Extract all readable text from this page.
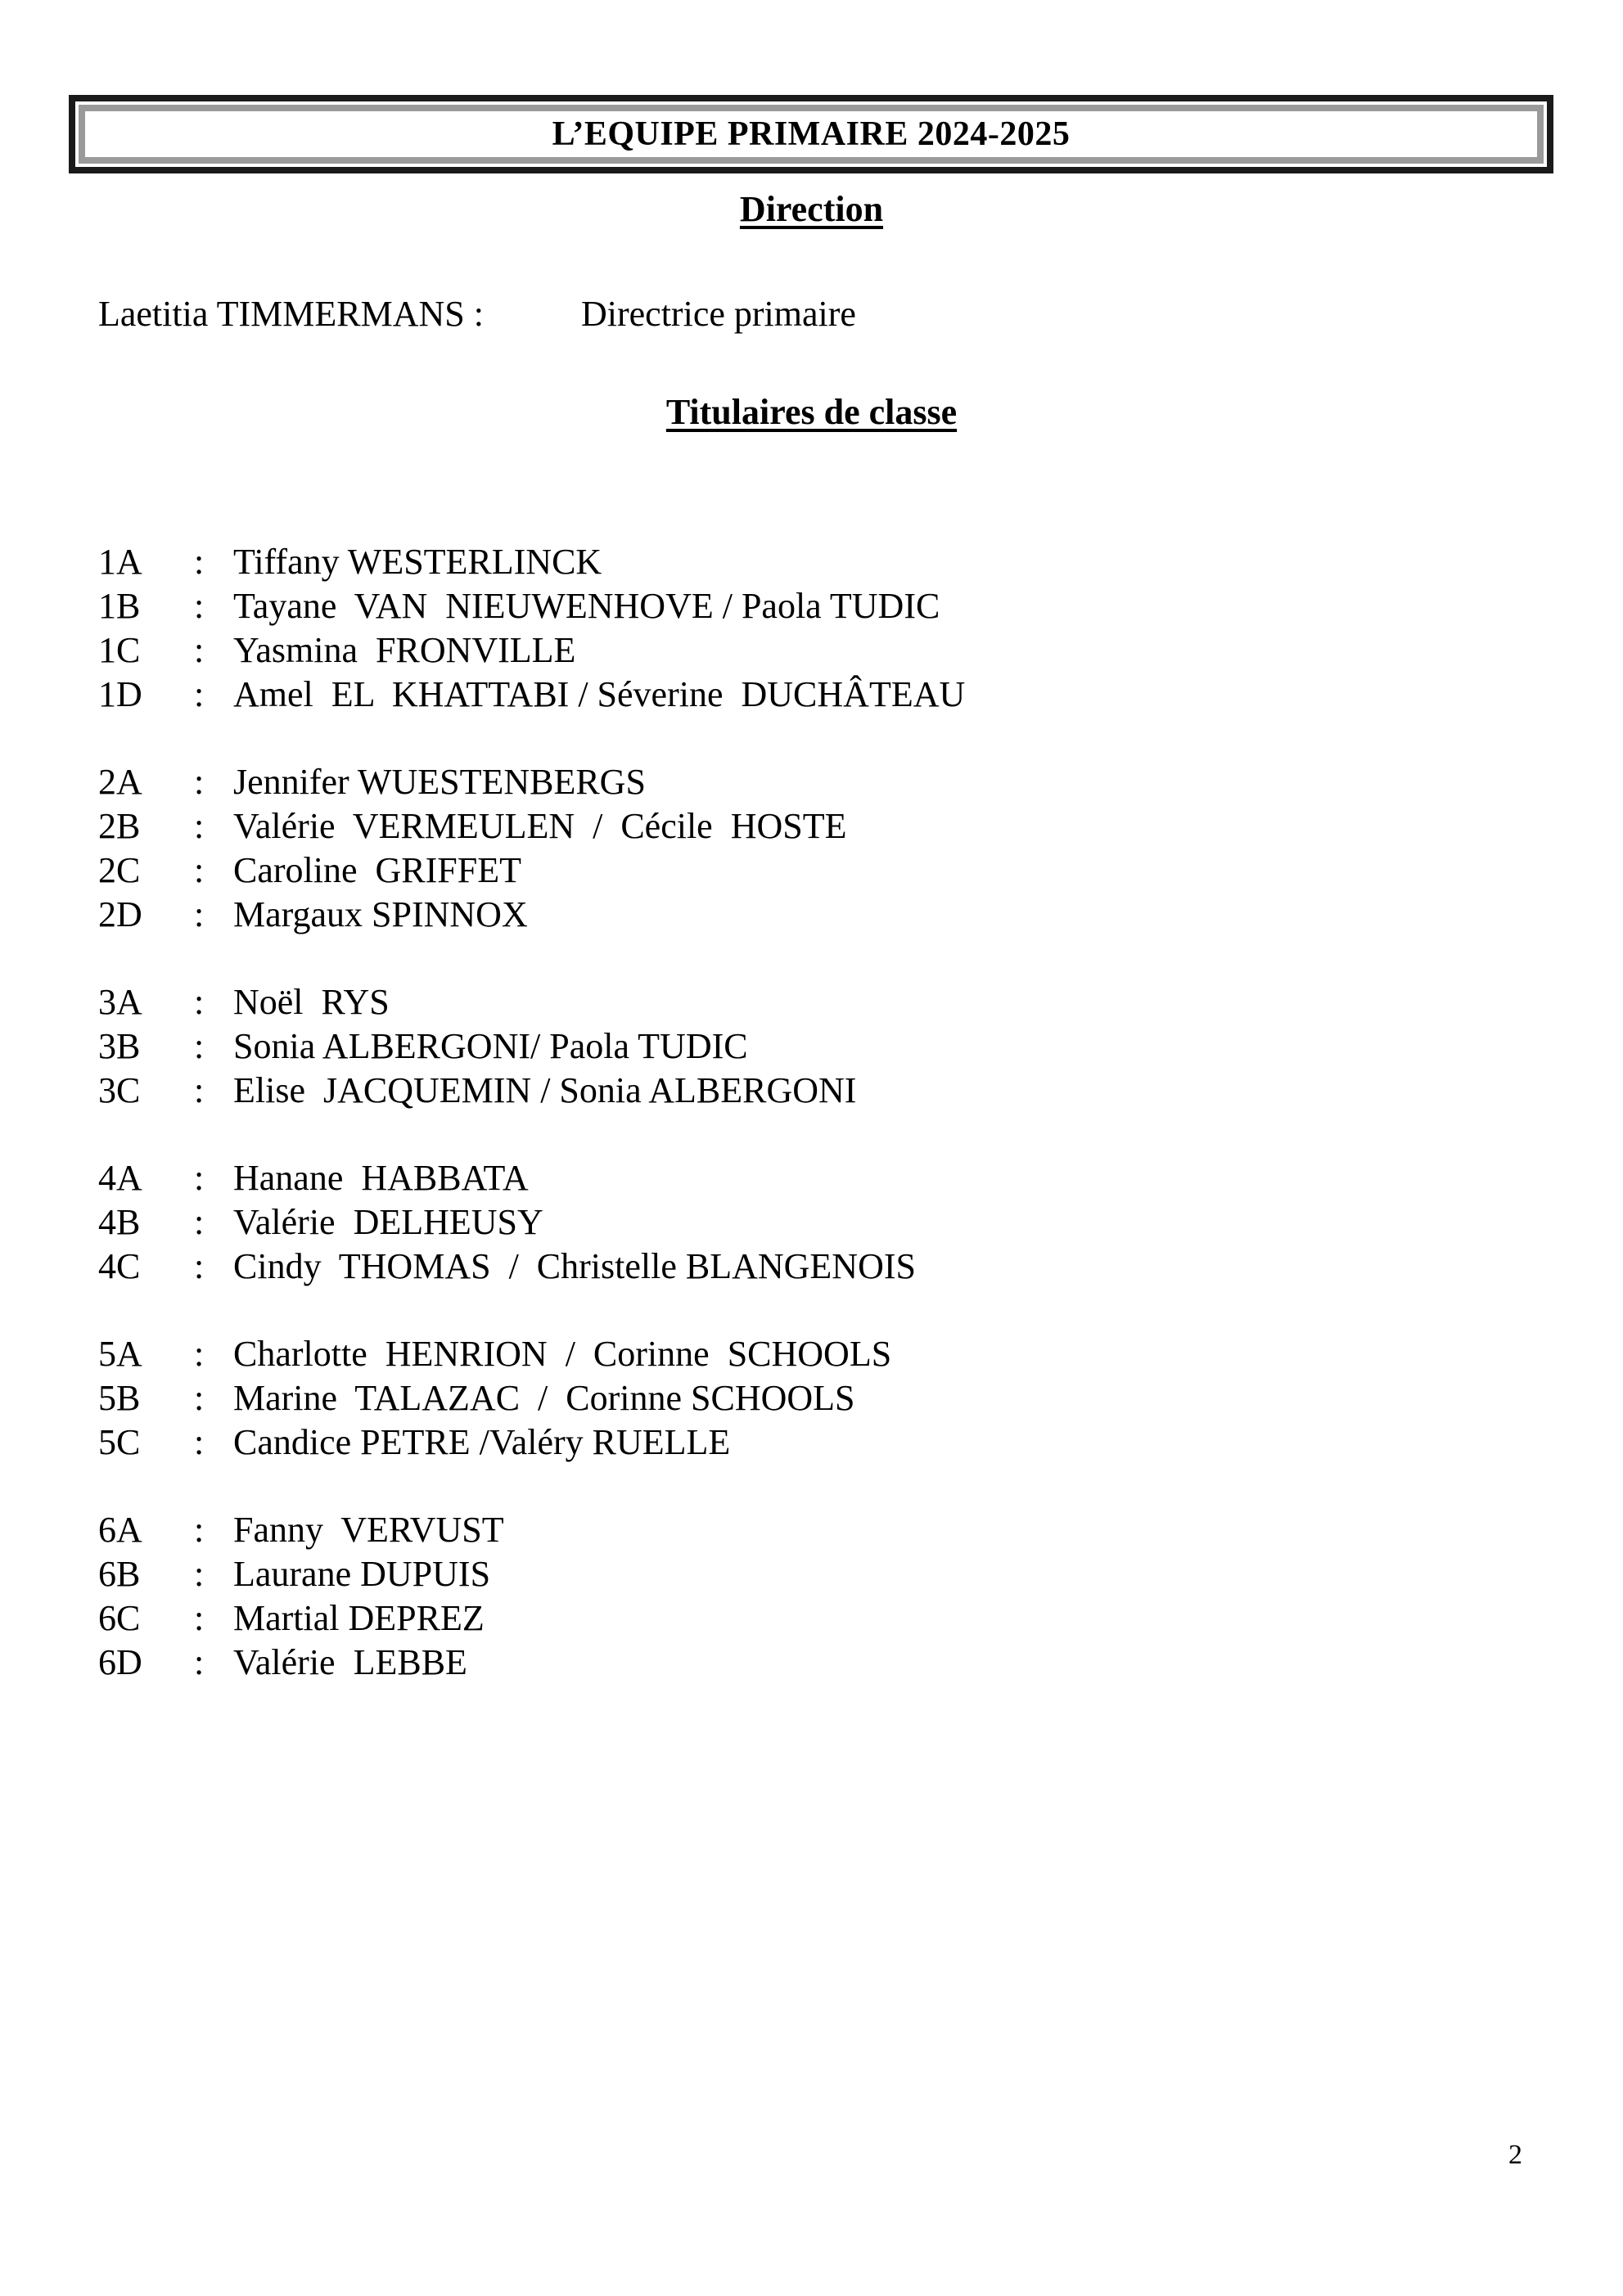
L’EQUIPE PRIMAIRE 2024-2025
Direction
Laetitia TIMMERMANS :	Directrice primaire
Titulaires de classe
1A : Tiffany WESTERLINCK
1B : Tayane  VAN  NIEUWENHOVE / Paola TUDIC
1C : Yasmina  FRONVILLE
1D : Amel  EL  KHATTABI / Séverine  DUCHÂTEAU
2A : Jennifer WUESTENBERGS
2B : Valérie  VERMEULEN  /  Cécile  HOSTE
2C : Caroline  GRIFFET
2D : Margaux SPINNOX
3A : Noël  RYS
3B : Sonia ALBERGONI/ Paola TUDIC
3C : Elise  JACQUEMIN / Sonia ALBERGONI
4A : Hanane  HABBATA
4B : Valérie  DELHEUSY
4C : Cindy  THOMAS  /  Christelle BLANGENOIS
5A : Charlotte  HENRION  /  Corinne  SCHOOLS
5B : Marine  TALAZAC  /  Corinne SCHOOLS
5C : Candice PETRE /Valéry RUELLE
6A : Fanny  VERVUST
6B : Laurane DUPUIS
6C : Martial DEPREZ
6D : Valérie  LEBBE
2
